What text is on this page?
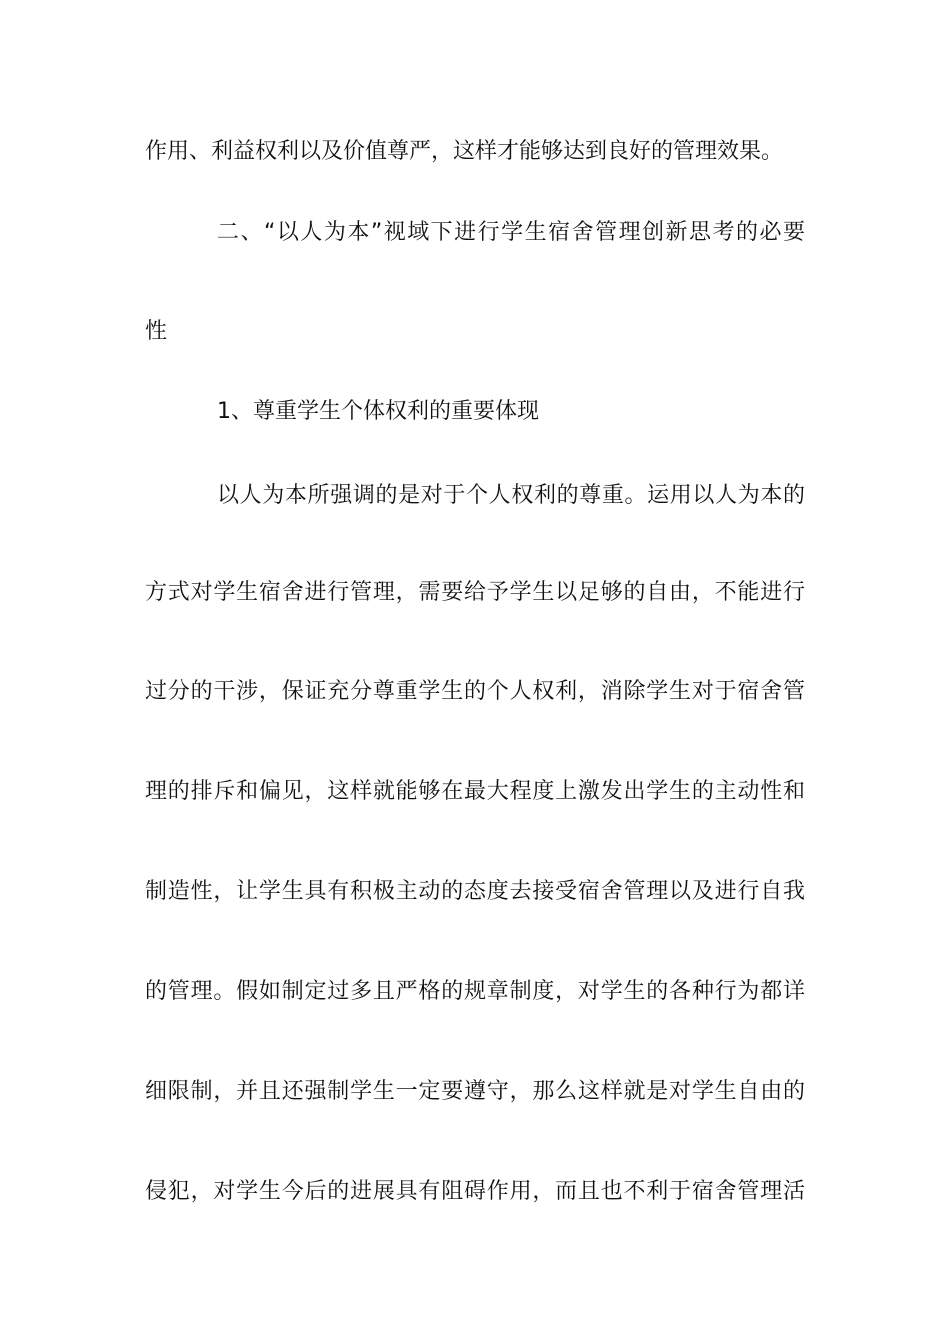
作用、利益权利以及价值尊严，这样才能够达到良好的管理效果。
二、“以人为本”视域下进行学生宿舍管理创新思考的必要
性
1、尊重学生个体权利的重要体现
以人为本所强调的是对于个人权利的尊重。运用以人为本的
方式对学生宿舍进行管理，需要给予学生以足够的自由，不能进行
过分的干涉，保证充分尊重学生的个人权利，消除学生对于宿舍管
理的排斥和偏见，这样就能够在最大程度上激发出学生的主动性和
制造性，让学生具有积极主动的态度去接受宿舍管理以及进行自我
的管理。假如制定过多且严格的规章制度，对学生的各种行为都详
细限制，并且还强制学生一定要遵守，那么这样就是对学生自由的
侵犯，对学生今后的进展具有阻碍作用，而且也不利于宿舍管理活
